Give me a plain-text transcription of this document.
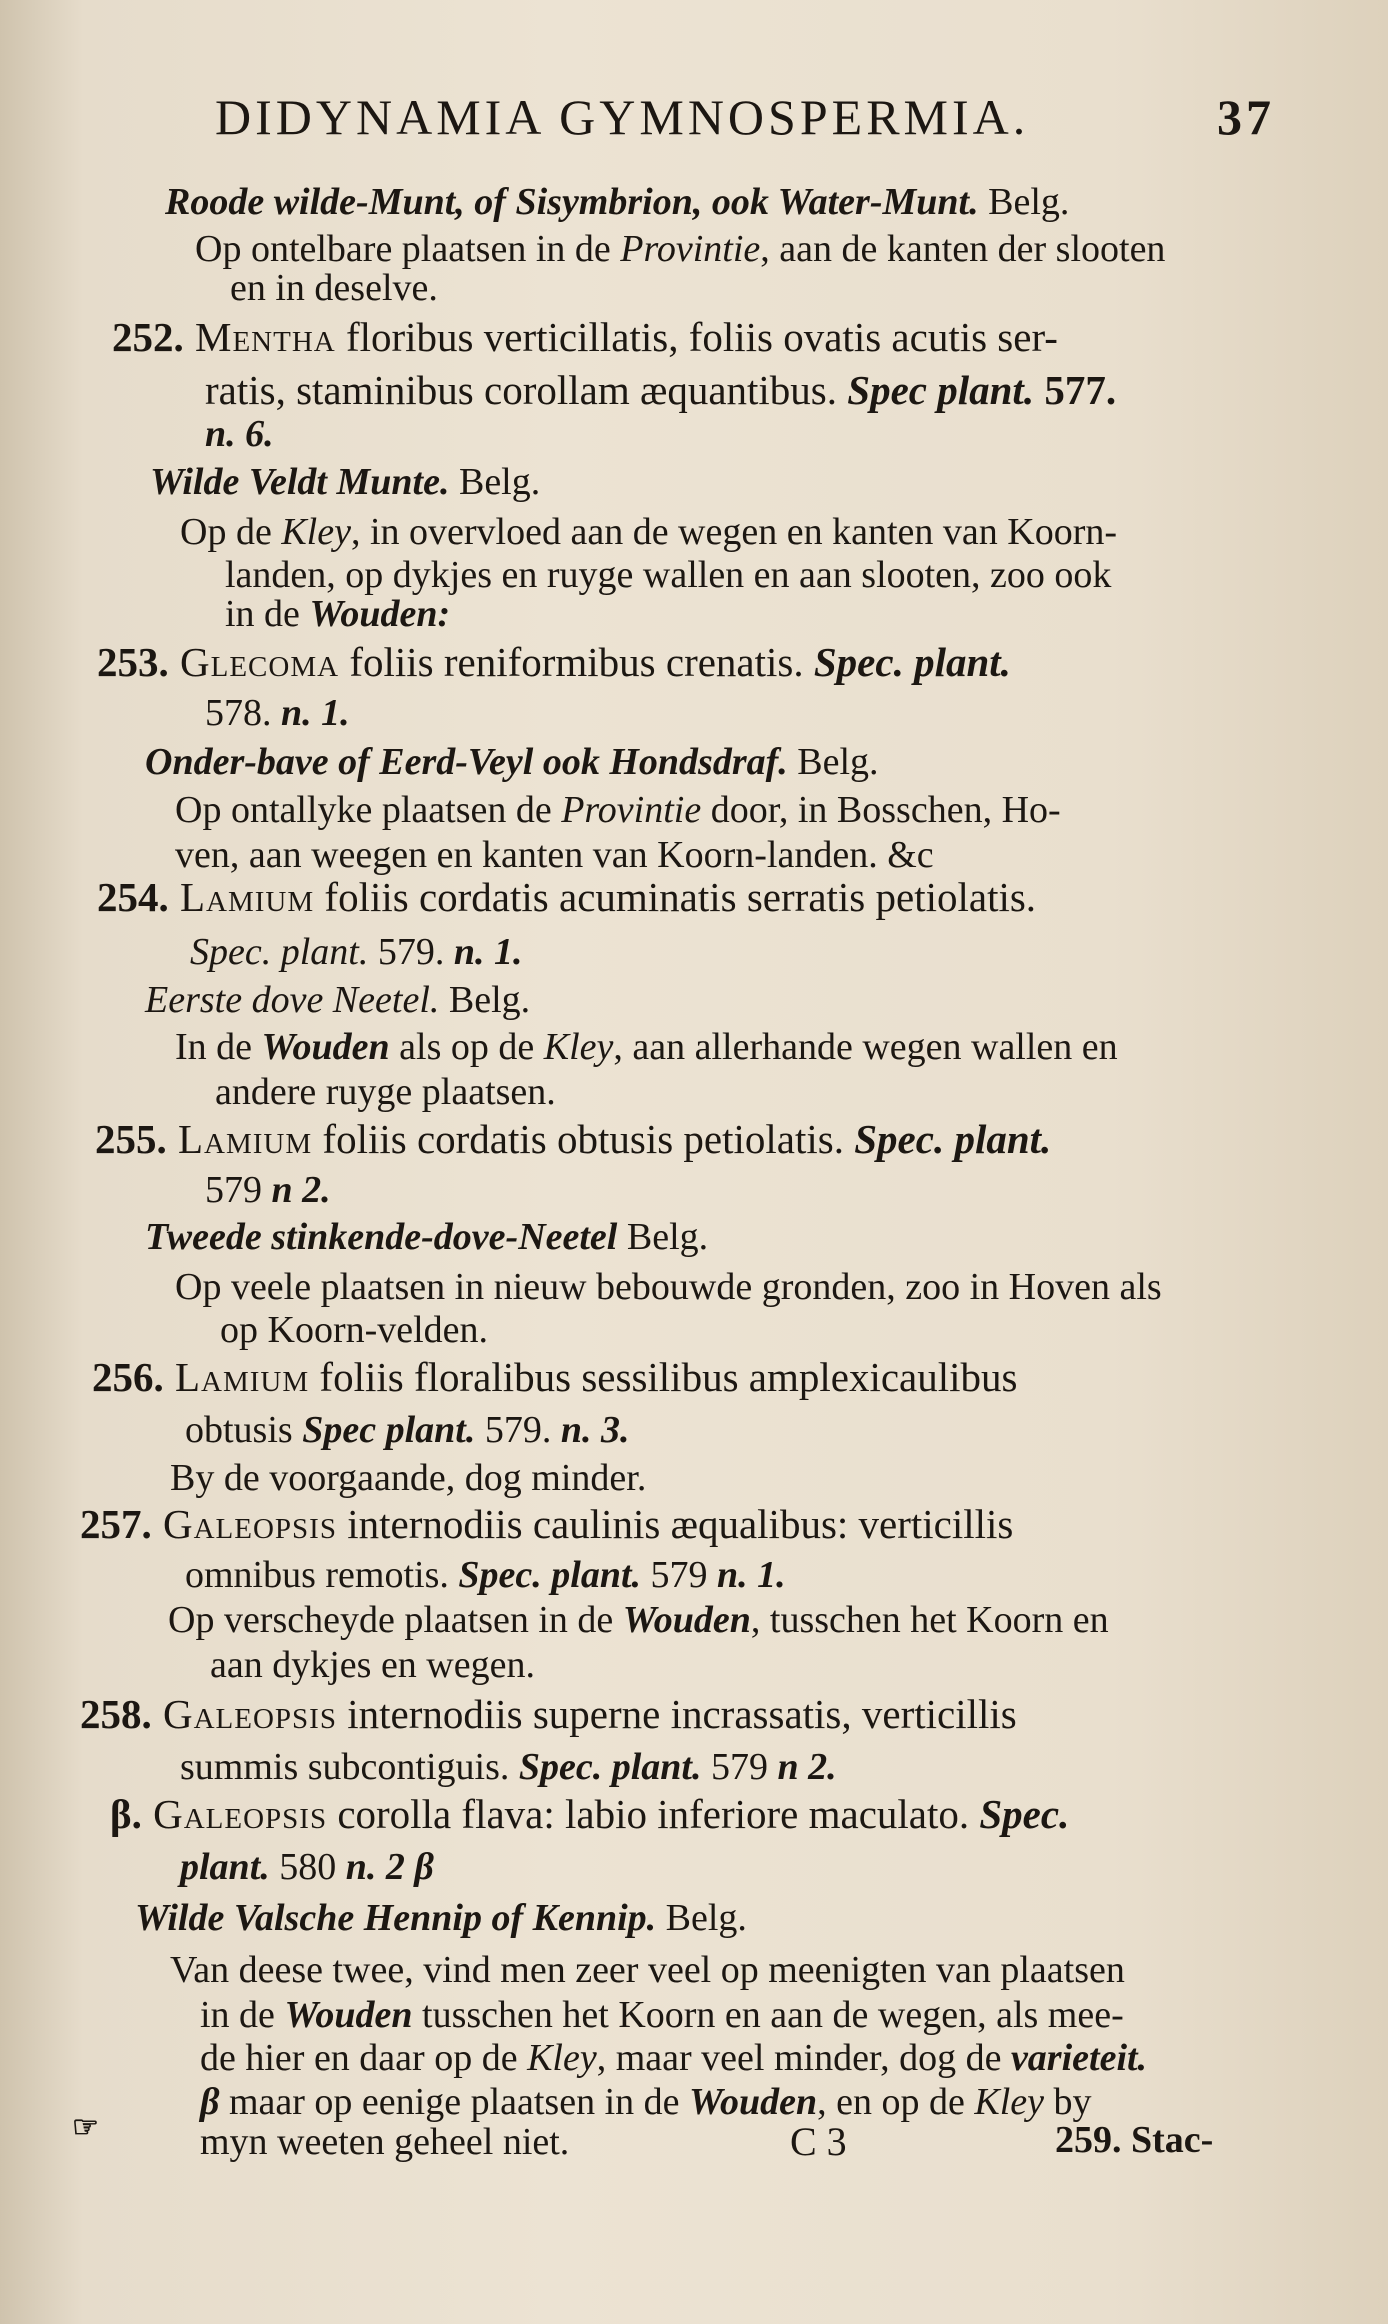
DIDYNAMIA GYMNOSPERMIA.	37
Roode wilde-Munt, of Sisymbrion, ook Water-Munt. Belg.
Op ontelbare plaatsen in de Provintie, aan de kanten der slooten
en in deselve.
252. Mentha floribus verticillatis, foliis ovatis acutis ser-
ratis, staminibus corollam æquantibus. Spec plant. 577.
n. 6.
Wilde Veldt Munte. Belg.
Op de Kley, in overvloed aan de wegen en kanten van Koorn-
landen, op dykjes en ruyge wallen en aan slooten, zoo ook
in de Wouden:
253. Glecoma foliis reniformibus crenatis. Spec. plant.
578. n. 1.
Onder-bave of Eerd-Veyl ook Hondsdraf. Belg.
Op ontallyke plaatsen de Provintie door, in Bosschen, Ho-
ven, aan weegen en kanten van Koorn-landen. &c
254. Lamium foliis cordatis acuminatis serratis petiolatis.
Spec. plant. 579. n. 1.
Eerste dove Neetel. Belg.
In de Wouden als op de Kley, aan allerhande wegen wallen en
andere ruyge plaatsen.
255. Lamium foliis cordatis obtusis petiolatis. Spec. plant.
579 n 2.
Tweede stinkende-dove-Neetel Belg.
Op veele plaatsen in nieuw bebouwde gronden, zoo in Hoven als
op Koorn-velden.
256. Lamium foliis floralibus sessilibus amplexicaulibus
obtusis Spec plant. 579. n. 3.
By de voorgaande, dog minder.
257. Galeopsis internodiis caulinis æqualibus: verticillis
omnibus remotis. Spec. plant. 579 n. 1.
Op verscheyde plaatsen in de Wouden, tusschen het Koorn en
aan dykjes en wegen.
258. Galeopsis internodiis superne incrassatis, verticillis
summis subcontiguis. Spec. plant. 579 n 2.
β. Galeopsis corolla flava: labio inferiore maculato. Spec.
plant. 580 n. 2 β
Wilde Valsche Hennip of Kennip. Belg.
Van deese twee, vind men zeer veel op meenigten van plaatsen
in de Wouden tusschen het Koorn en aan de wegen, als mee-
de hier en daar op de Kley, maar veel minder, dog de varieteit.
β maar op eenige plaatsen in de Wouden, en op de Kley by
myn weeten geheel niet.
☞	C 3	259. Stac-
